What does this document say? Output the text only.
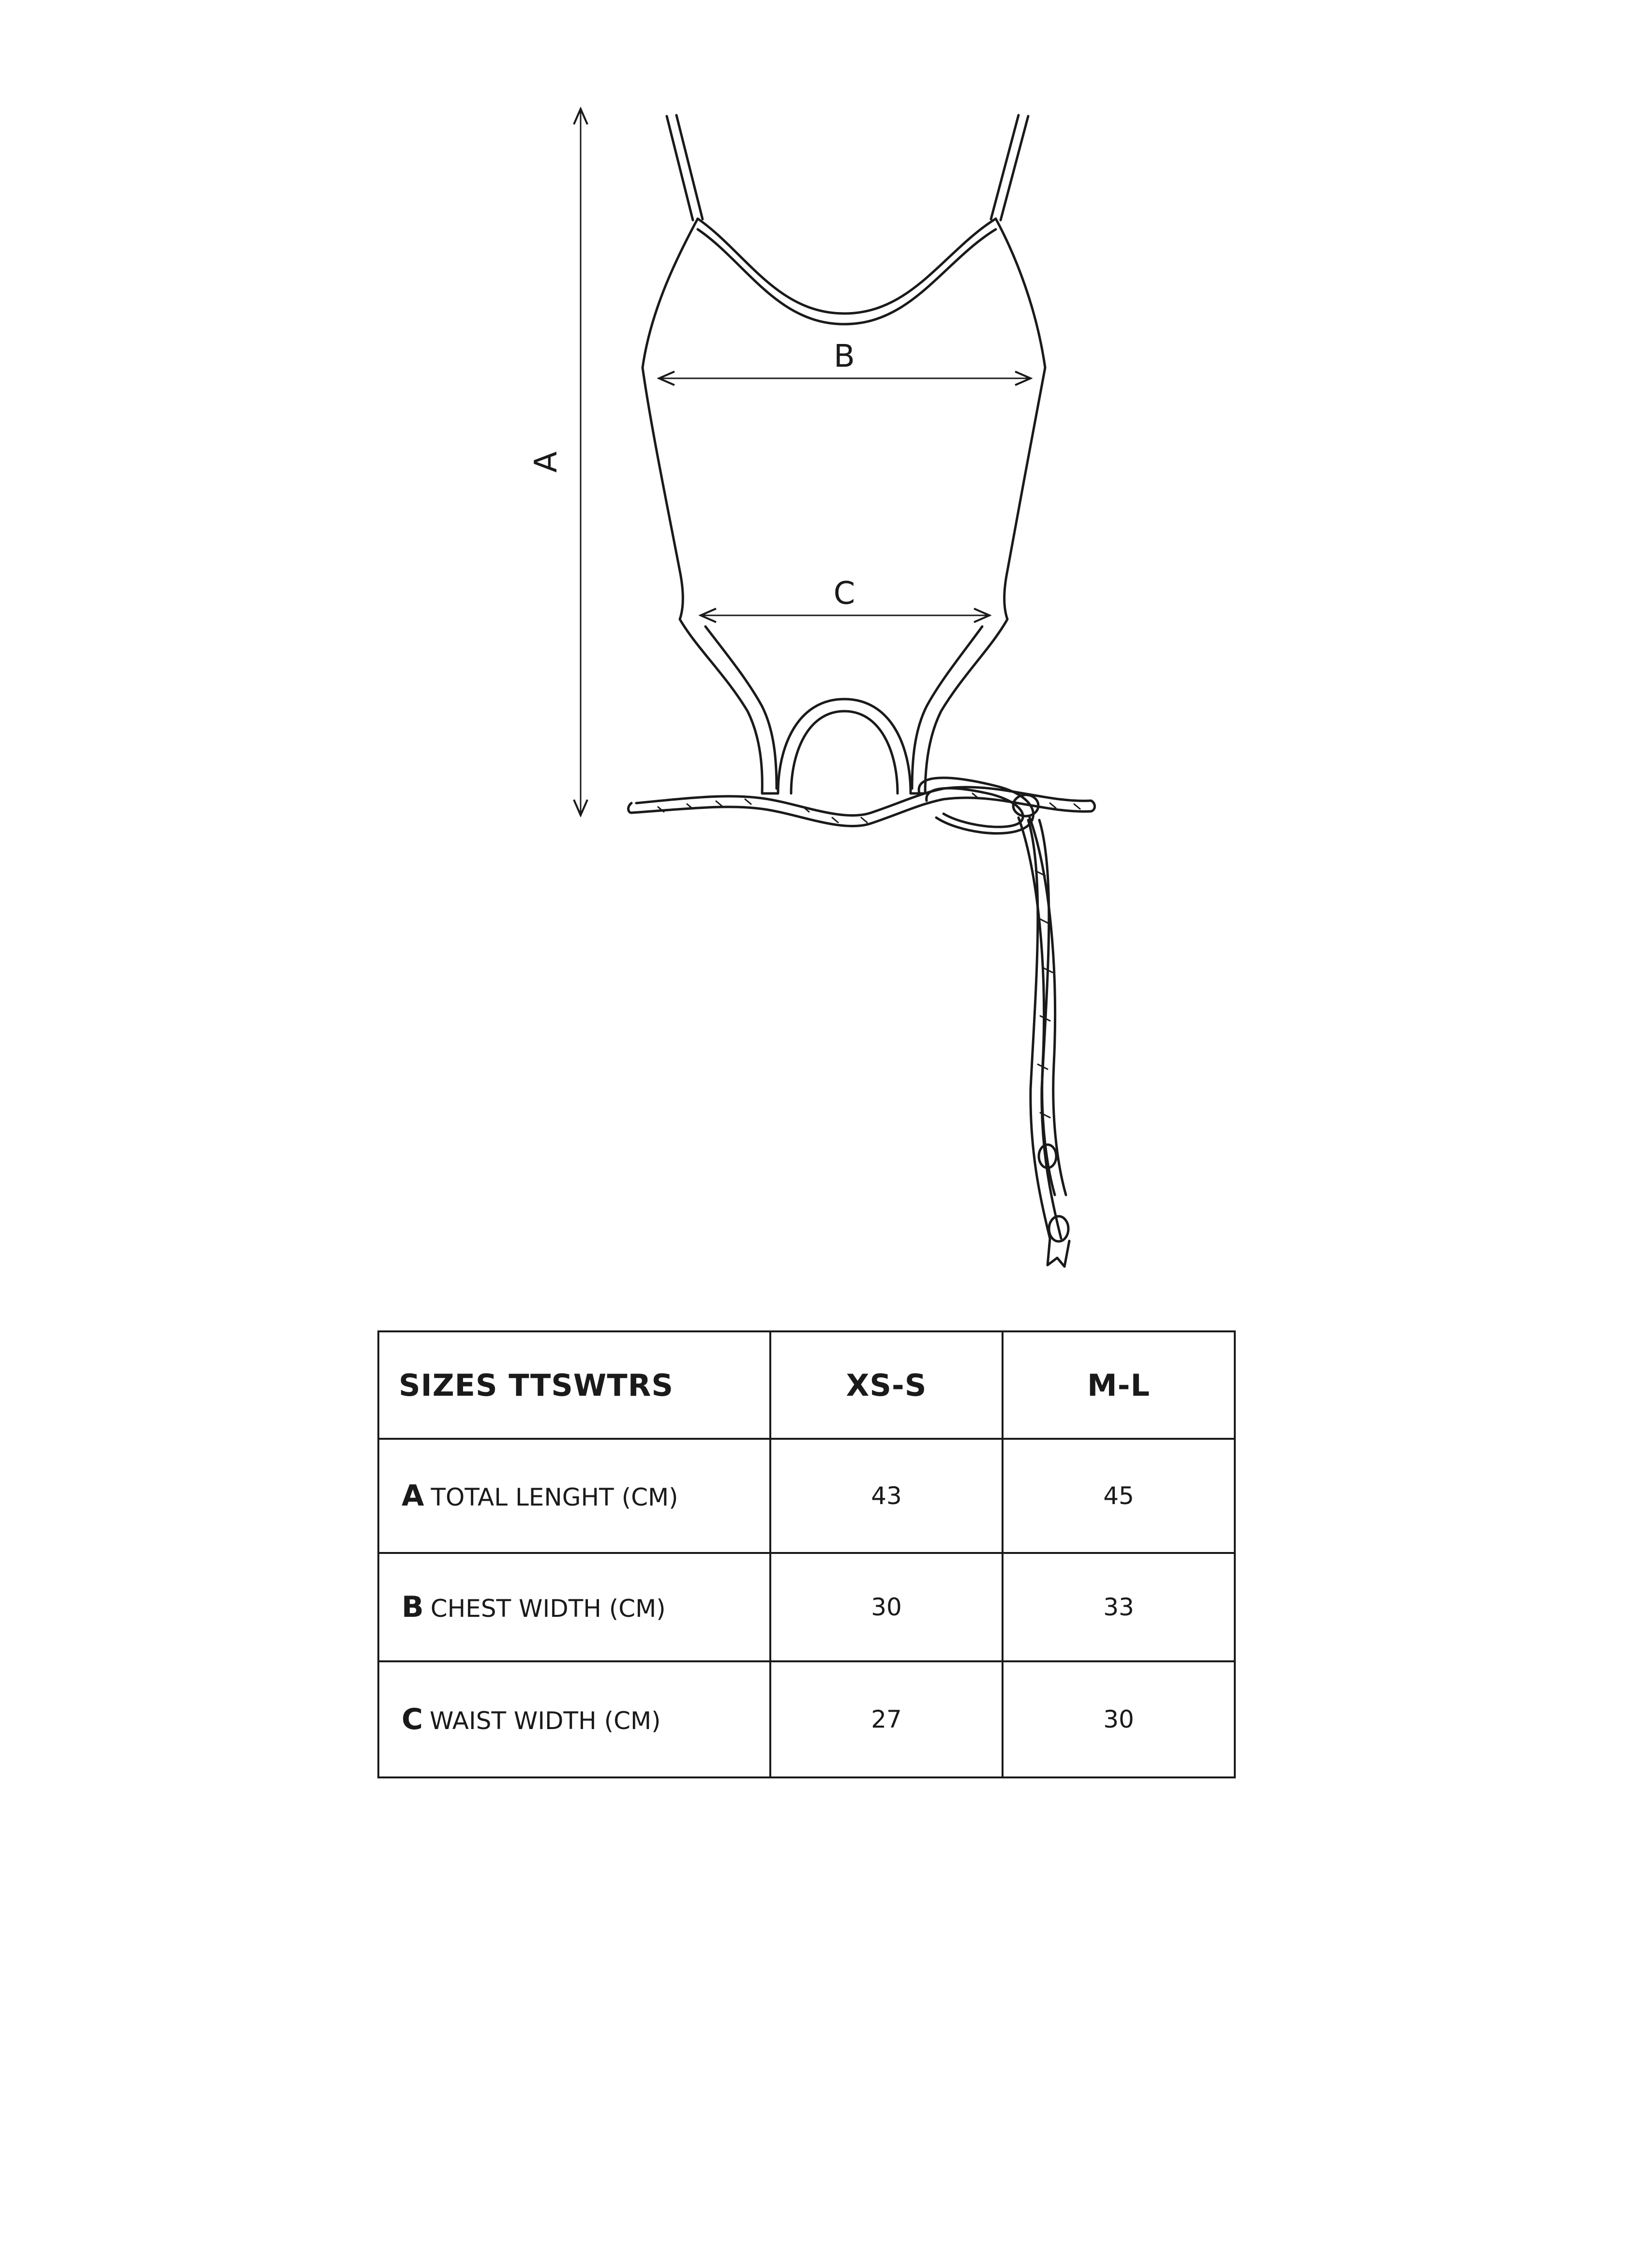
A
B
C
SIZES TTSWTRS	XS-S	M-L
A TOTAL LENGHT (CM)	43	45
B CHEST WIDTH (CM)	30	33
C WAIST WIDTH (CM)	27	30
